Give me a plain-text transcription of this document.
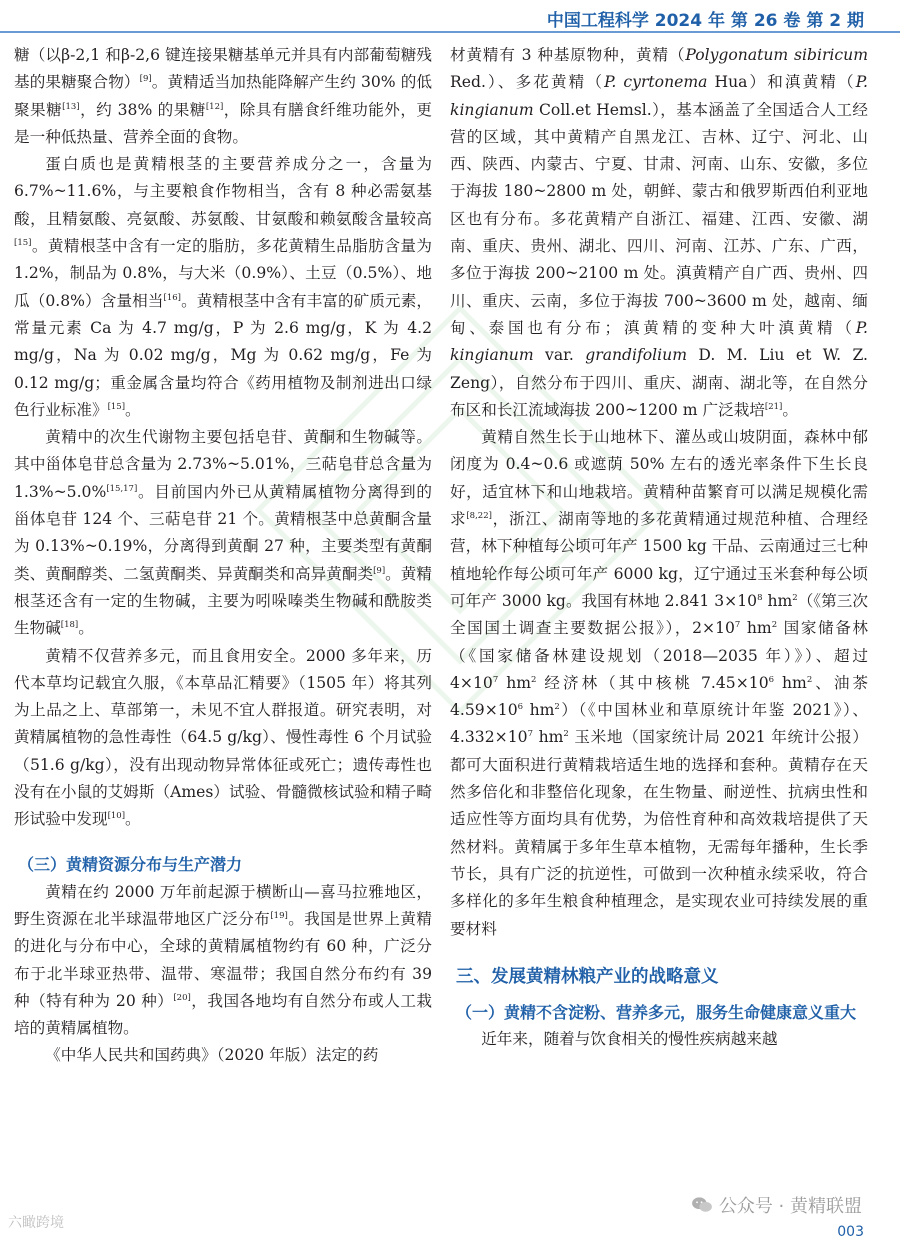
中国工程科学 2024 年 第 26 卷 第 2 期

糖（以β-2,1 和β-2,6 键连接果糖基单元并具有内部葡萄糖残基的果糖聚合物）[9]。黄精适当加热能降解产生约 30% 的低聚果糖[13]，约 38% 的果糖[12]，除具有膳食纤维功能外，更是一种低热量、营养全面的食物。

蛋白质也是黄精根茎的主要营养成分之一，含量为 6.7%~11.6%，与主要粮食作物相当，含有 8 种必需氨基酸，且精氨酸、亮氨酸、苏氨酸、甘氨酸和赖氨酸含量较高[15]。黄精根茎中含有一定的脂肪，多花黄精生品脂肪含量为 1.2%，制品为 0.8%，与大米（0.9%）、土豆（0.5%）、地瓜（0.8%）含量相当[16]。黄精根茎中含有丰富的矿质元素，常量元素 Ca 为 4.7 mg/g，P 为 2.6 mg/g，K 为 4.2 mg/g，Na 为 0.02 mg/g，Mg 为 0.62 mg/g，Fe 为 0.12 mg/g；重金属含量均符合《药用植物及制剂进出口绿色行业标准》[15]。

黄精中的次生代谢物主要包括皂苷、黄酮和生物碱等。其中甾体皂苷总含量为 2.73%~5.01%，三萜皂苷总含量为 1.3%~5.0%[15,17]。目前国内外已从黄精属植物分离得到的甾体皂苷 124 个、三萜皂苷 21 个。黄精根茎中总黄酮含量为 0.13%~0.19%，分离得到黄酮 27 种，主要类型有黄酮类、黄酮醇类、二氢黄酮类、异黄酮类和高异黄酮类[9]。黄精根茎还含有一定的生物碱，主要为吲哚嗪类生物碱和酰胺类生物碱[18]。

黄精不仅营养多元，而且食用安全。2000 多年来，历代本草均记载宜久服，《本草品汇精要》（1505 年）将其列为上品之上、草部第一，未见不宜人群报道。研究表明，对黄精属植物的急性毒性（64.5 g/kg）、慢性毒性 6 个月试验（51.6 g/kg），没有出现动物异常体征或死亡；遗传毒性也没有在小鼠的艾姆斯（Ames）试验、骨髓微核试验和精子畸形试验中发现[10]。

（三）黄精资源分布与生产潜力

黄精在约 2000 万年前起源于横断山—喜马拉雅地区，野生资源在北半球温带地区广泛分布[19]。我国是世界上黄精的进化与分布中心，全球的黄精属植物约有 60 种，广泛分布于北半球亚热带、温带、寒温带；我国自然分布约有 39 种（特有种为 20 种）[20]，我国各地均有自然分布或人工栽培的黄精属植物。

《中华人民共和国药典》（2020 年版）法定的药

材黄精有 3 种基原物种，黄精（Polygonatum sibiricum Red.）、多花黄精（P. cyrtonema Hua）和滇黄精（P. kingianum Coll.et Hemsl.），基本涵盖了全国适合人工经营的区域，其中黄精产自黑龙江、吉林、辽宁、河北、山西、陕西、内蒙古、宁夏、甘肃、河南、山东、安徽，多位于海拔 180~2800 m 处，朝鲜、蒙古和俄罗斯西伯利亚地区也有分布。多花黄精产自浙江、福建、江西、安徽、湖南、重庆、贵州、湖北、四川、河南、江苏、广东、广西，多位于海拔 200~2100 m 处。滇黄精产自广西、贵州、四川、重庆、云南，多位于海拔 700~3600 m 处，越南、缅甸、泰国也有分布；滇黄精的变种大叶滇黄精（P. kingianum var. grandifolium D. M. Liu et W. Z. Zeng），自然分布于四川、重庆、湖南、湖北等，在自然分布区和长江流域海拔 200~1200 m 广泛栽培[21]。

黄精自然生长于山地林下、灌丛或山坡阴面，森林中郁闭度为 0.4~0.6 或遮荫 50% 左右的透光率条件下生长良好，适宜林下和山地栽培。黄精种苗繁育可以满足规模化需求[8,22]，浙江、湖南等地的多花黄精通过规范种植、合理经营，林下种植每公顷可年产 1500 kg 干品、云南通过三七种植地轮作每公顷可年产 6000 kg，辽宁通过玉米套种每公顷可年产 3000 kg。我国有林地 2.841 3×10$^8$ hm$^2$（《第三次全国国土调查主要数据公报》），2×10$^7$ hm$^2$ 国家储备林（《国家储备林建设规划（2018—2035 年）》）、超过 4×10$^7$ hm$^2$ 经济林（其中核桃 7.45×10$^6$ hm$^2$、油茶 4.59×10$^6$ hm$^2$）（《中国林业和草原统计年鉴 2021》）、4.332×10$^7$ hm$^2$ 玉米地（国家统计局 2021 年统计公报）都可大面积进行黄精栽培适生地的选择和套种。黄精存在天然多倍化和非整倍化现象，在生物量、耐逆性、抗病虫性和适应性等方面均具有优势，为倍性育种和高效栽培提供了天然材料。黄精属于多年生草本植物，无需每年播种，生长季节长，具有广泛的抗逆性，可做到一次种植永续采收，符合多样化的多年生粮食种植理念，是实现农业可持续发展的重要材料

三、发展黄精林粮产业的战略意义
（一）黄精不含淀粉、营养多元，服务生命健康意义重大

近年来，随着与饮食相关的慢性疾病越来越

六瞰跨境
公众号 · 黄精联盟
003
